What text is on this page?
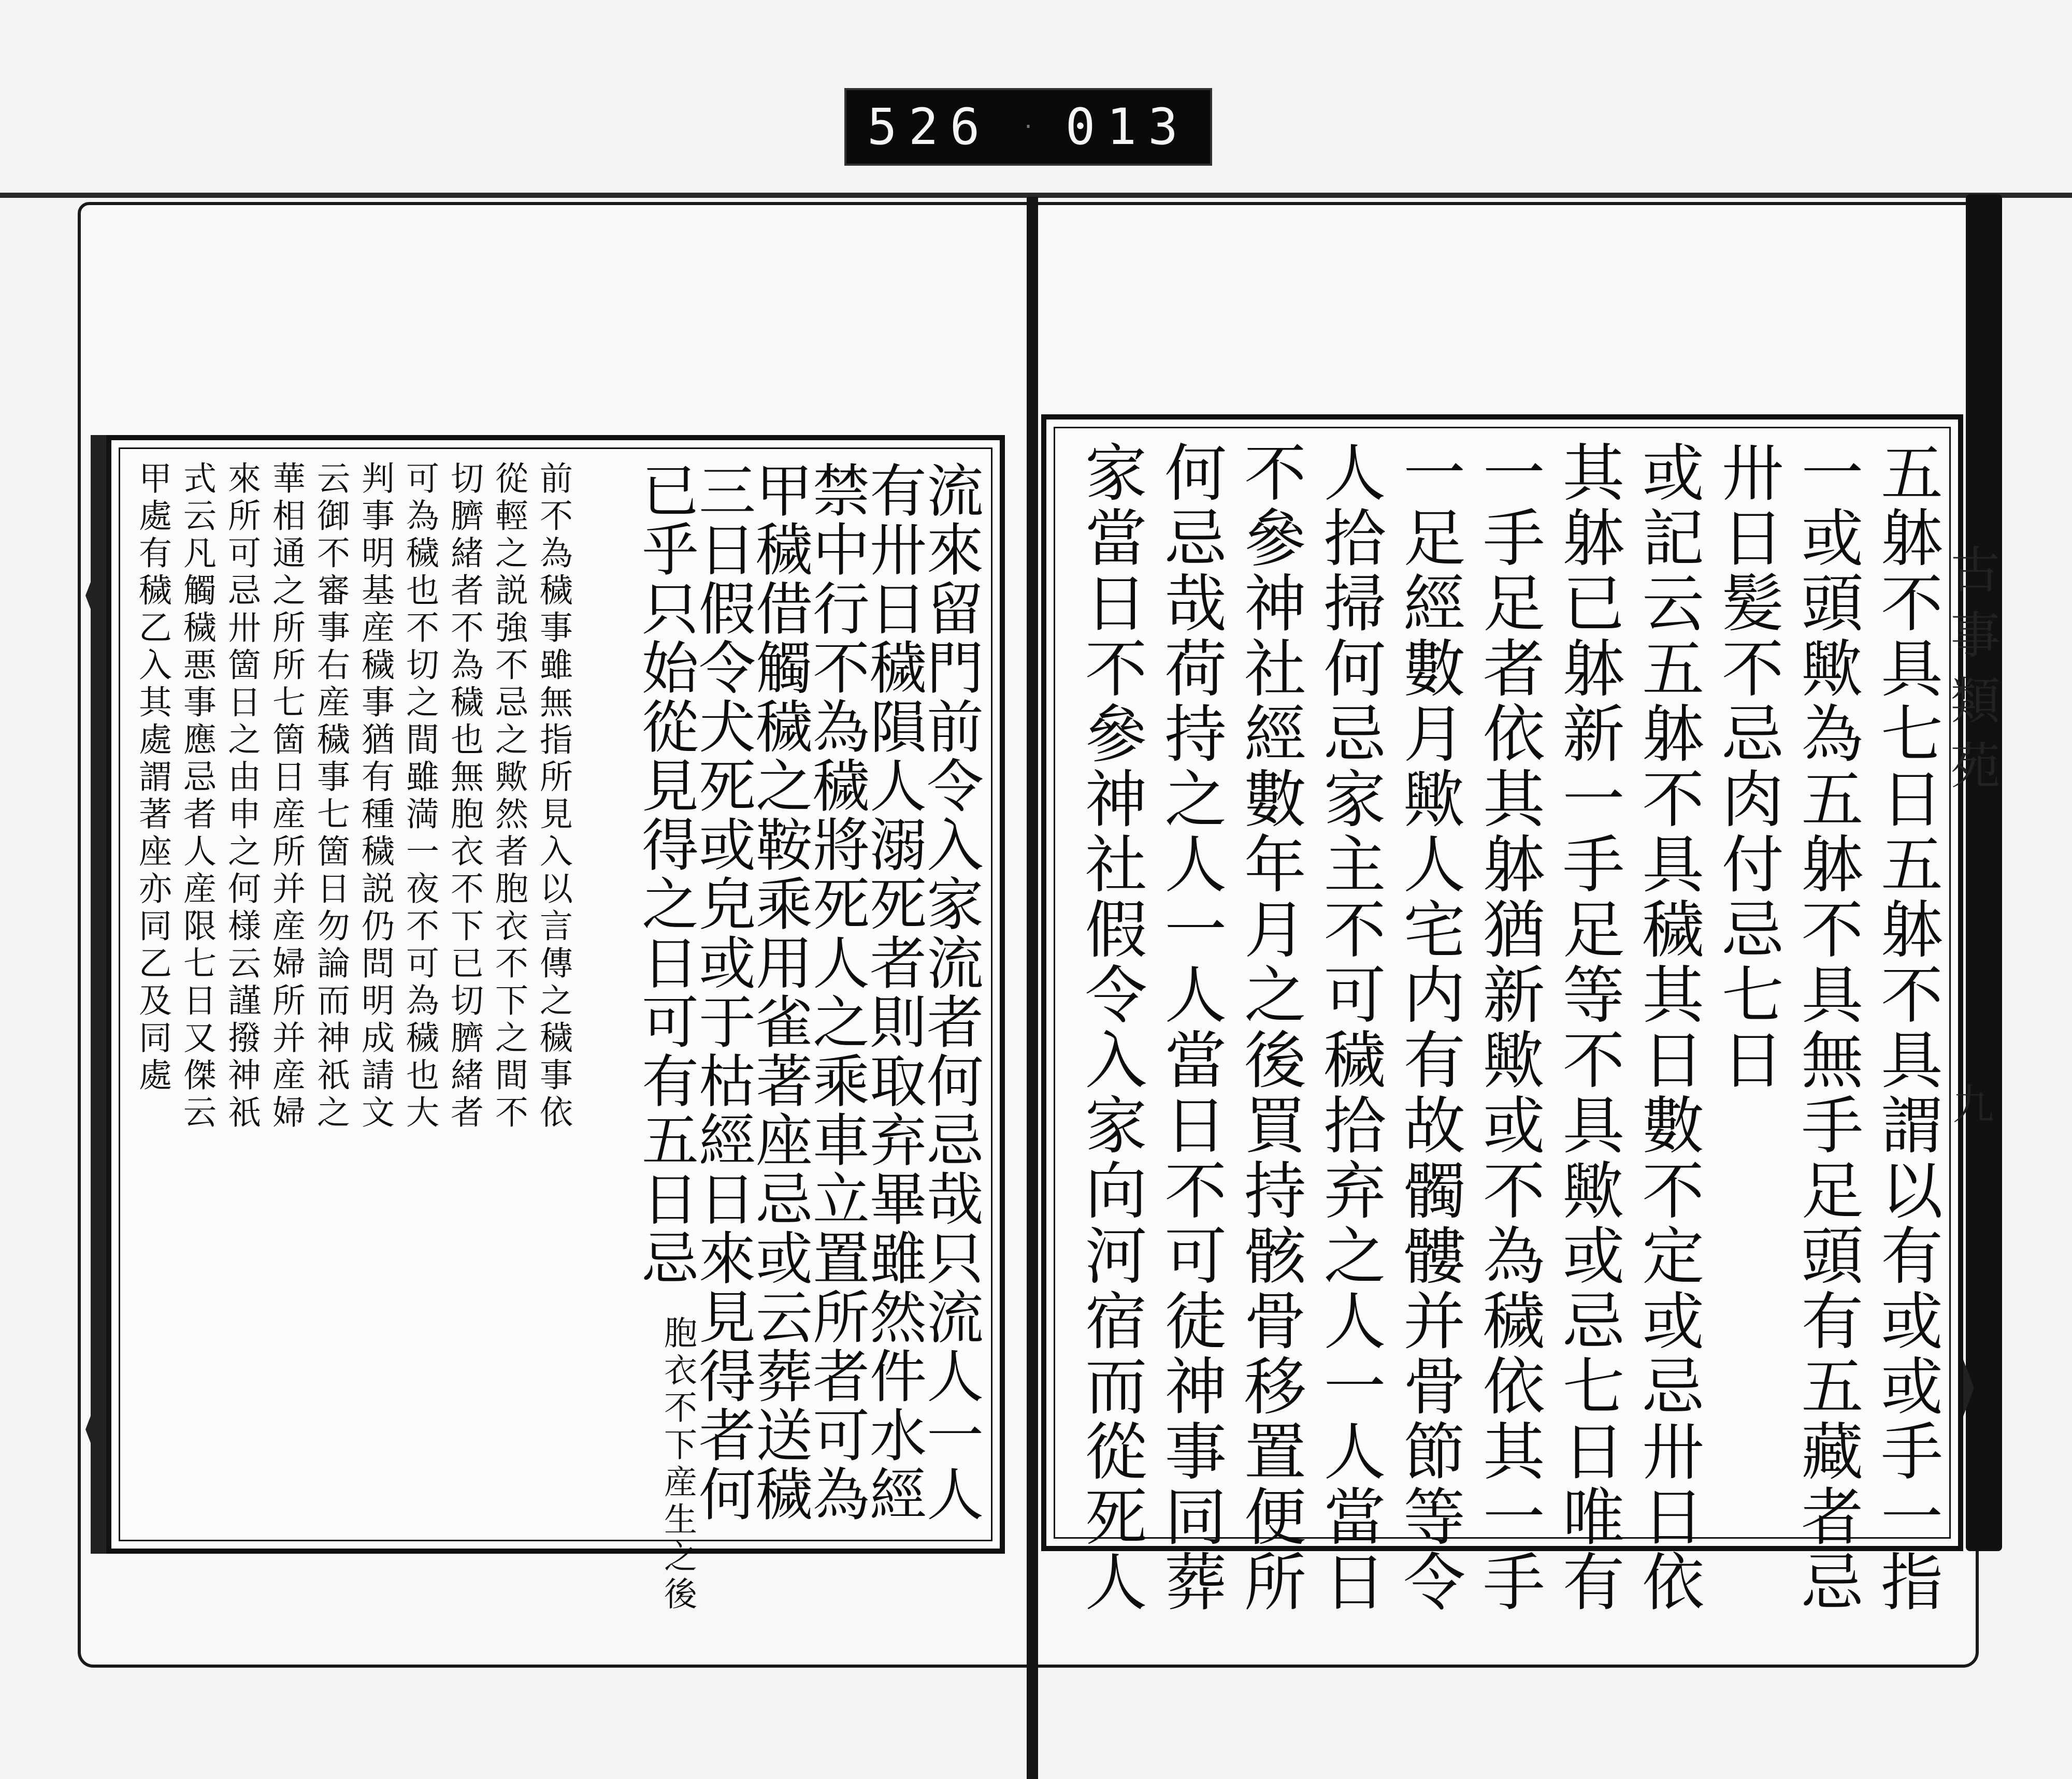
526 · 013
五躰不具七日五躰不具謂以有或或手一指
一或頭歟為五躰不具無手足頭有五藏者忌
卅日髪不忌肉付忌七日
或記云五躰不具穢其日數不定或忌卅日依
其躰已躰新一手足等不具歟或忌七日唯有
一手足者依其躰猶新歟或不為穢依其一手
一足經數月歟人宅内有故髑髏并骨節等令
人拾掃何忌家主不可穢拾弃之人一人當日
不參神社經數年月之後買持骸骨移置便所
何忌哉荷持之人一人當日不可徒神事同葬
家當日不參神社假令入家向河宿而從死人
流來留門前令入家流者何忌哉只流人一人
有卅日穢隕人溺死者則取弃畢雖然件水經
禁中行不為穢將死人之乘車立置所者可為
甲穢借觸穢之鞍乘用雀著座忌或云葬送穢
三日假令犬死或皃或于枯經日來見得者何
已乎只始從見得之日可有五日忌
胞衣不下産生之後
前不為穢事雖無指所見入以言傳之穢事依
從輕之説強不忌之歟然者胞衣不下之間不
切臍緒者不為穢也無胞衣不下已切臍緒者
可為穢也不切之間雖満一夜不可為穢也大
判事明基産穢事猶有種穢説仍問明成請文
云御不審事右産穢事七箇日勿論而神祇之
華相通之所所七箇日産所并産婦所并産婦
來所可忌卅箇日之由申之何様云謹撥神祇
式云凡觸穢悪事應忌者人産限七日又傑云
甲處有穢乙入其處謂著座亦同乙及同處	古事類苑
九
